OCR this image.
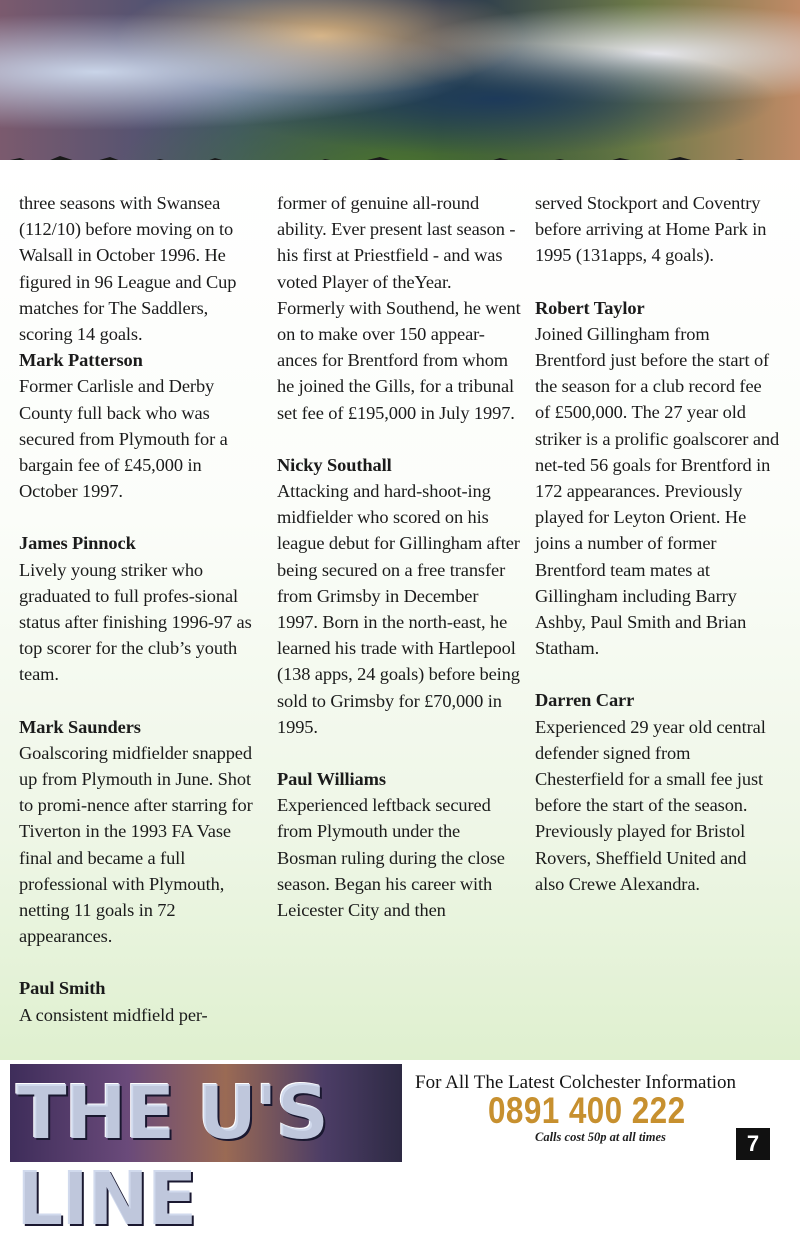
three seasons with Swansea (112/10) before moving on to Walsall in October 1996. He figured in 96 League and Cup matches for The Saddlers, scoring 14 goals.

Mark Patterson

Former Carlisle and Derby County full back who was secured from Plymouth for a bargain fee of £45,000 in October 1997.

James Pinnock

Lively young striker who graduated to full profes-sional status after finishing 1996-97 as top scorer for the club’s youth team.

Mark Saunders

Goalscoring midfielder snapped up from Plymouth in June. Shot to promi-nence after starring for Tiverton in the 1993 FA Vase final and became a full professional with Plymouth, netting 11 goals in 72 appearances.

Paul Smith

A consistent midfield per-

former of genuine all-round ability. Ever present last season - his first at Priestfield - and was voted Player of theYear. Formerly with Southend, he went on to make over 150 appear-ances for Brentford from whom he joined the Gills, for a tribunal set fee of £195,000 in July 1997.

Nicky Southall

Attacking and hard-shoot-ing midfielder who scored on his league debut for Gillingham after being secured on a free transfer from Grimsby in December 1997. Born in the north-east, he learned his trade with Hartlepool (138 apps, 24 goals) before being sold to Grimsby for £70,000 in 1995.

Paul Williams

Experienced leftback secured from Plymouth under the Bosman ruling during the close season. Began his career with Leicester City and then

served Stockport and Coventry before arriving at Home Park in 1995 (131apps, 4 goals).

Robert Taylor

Joined Gillingham from Brentford just before the start of the season for a club record fee of £500,000. The 27 year old striker is a prolific goalscorer and net-ted 56 goals for Brentford in 172 appearances. Previously played for Leyton Orient. He joins a number of former Brentford team mates at Gillingham including Barry Ashby, Paul Smith and Brian Statham.

Darren Carr

Experienced 29 year old central defender signed from Chesterfield for a small fee just before the start of the season. Previously played for Bristol Rovers, Sheffield United and also Crewe Alexandra.

THE U'S LINE
For All The Latest Colchester Information
0891 400 222
Calls cost 50p at all times	7
